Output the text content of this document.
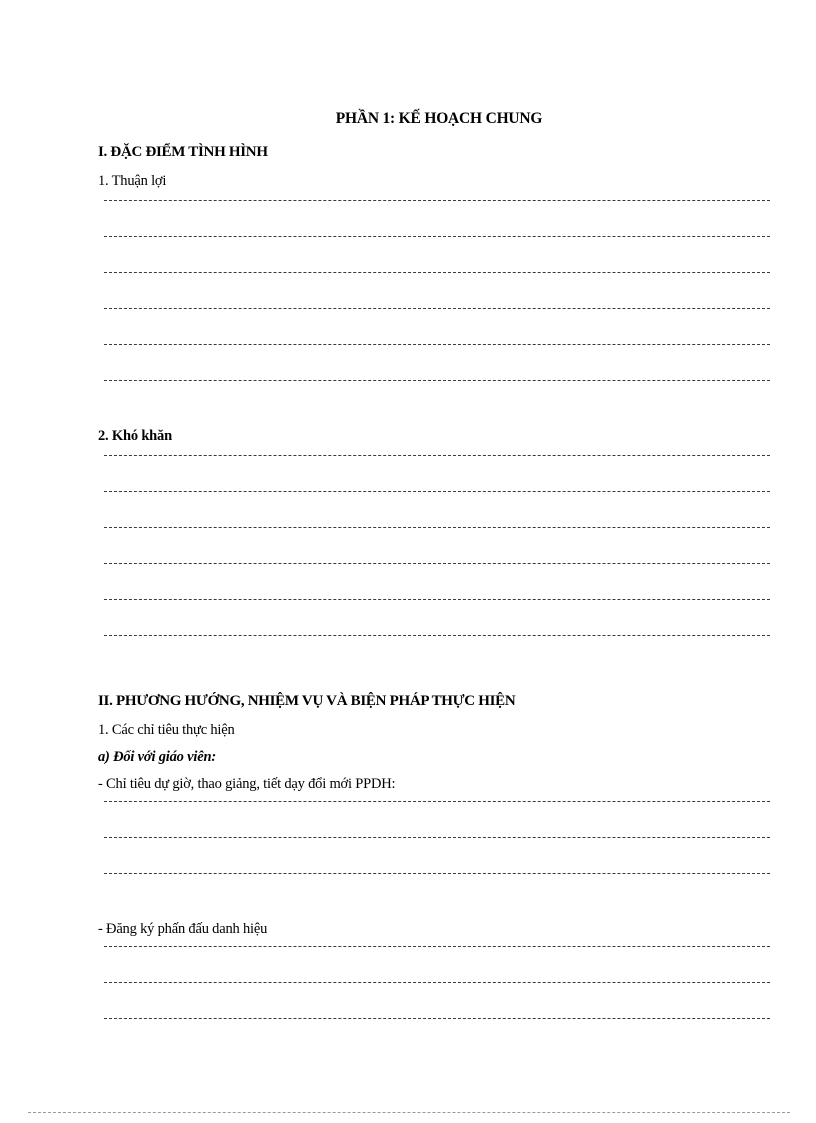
PHẦN 1: KẾ HOẠCH CHUNG
I. ĐẶC ĐIỂM TÌNH HÌNH
1. Thuận lợi
2. Khó khăn
II. PHƯƠNG HƯỚNG, NHIỆM VỤ VÀ BIỆN PHÁP THỰC HIỆN
1. Các chỉ tiêu thực hiện
a) Đối với giáo viên:
- Chỉ tiêu dự giờ, thao giảng, tiết dạy đổi mới PPDH:
- Đăng ký phấn đấu danh hiệu
